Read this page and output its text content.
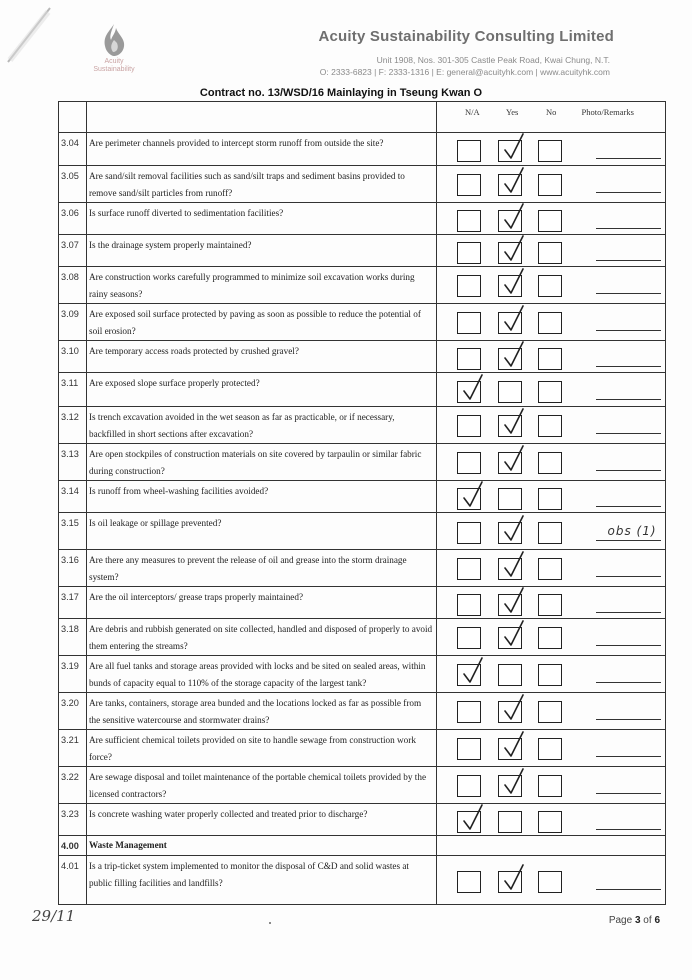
Acuity
Sustainability
Acuity Sustainability Consulting Limited
Unit 1908, Nos. 301-305 Castle Peak Road, Kwai Chung, N.T.
O: 2333-6823 | F: 2333-1316 | E: general@acuityhk.com | www.acuityhk.com
Contract no. 13/WSD/16 Mainlaying in Tseung Kwan O

		N/A Yes No	Photo/Remarks

3.04	Are perimeter channels provided to intercept storm runoff from outside the site?	

3.05	Are sand/silt removal facilities such as sand/silt traps and sediment basins provided to remove sand/silt particles from runoff?	

3.06	Is surface runoff diverted to sedimentation facilities?	

3.07	Is the drainage system properly maintained?	

3.08	Are construction works carefully programmed to minimize soil excavation works during rainy seasons?	

3.09	Are exposed soil surface protected by paving as soon as possible to reduce the potential of soil erosion?	

3.10	Are temporary access roads protected by crushed gravel?	

3.11	Are exposed slope surface properly protected?	

3.12	Is trench excavation avoided in the wet season as far as practicable, or if necessary, backfilled in short sections after excavation?	

3.13	Are open stockpiles of construction materials on site covered by tarpaulin or similar fabric during construction?	

3.14	Is runoff from wheel-washing facilities avoided?	

3.15	Is oil leakage or spillage prevented?		obs (1)

3.16	Are there any measures to prevent the release of oil and grease into the storm drainage system?	

3.17	Are the oil interceptors/ grease traps properly maintained?	

3.18	Are debris and rubbish generated on site collected, handled and disposed of properly to avoid them entering the streams?	

3.19	Are all fuel tanks and storage areas provided with locks and be sited on sealed areas, within bunds of capacity equal to 110% of the storage capacity of the largest tank?	

3.20	Are tanks, containers, storage area bunded and the locations locked as far as possible from the sensitive watercourse and stormwater drains?	

3.21	Are sufficient chemical toilets provided on site to handle sewage from construction work force?	

3.22	Are sewage disposal and toilet maintenance of the portable chemical toilets provided by the licensed contractors?	

3.23	Is concrete washing water properly collected and treated prior to discharge?	

4.00	Waste Management		
4.01	Is a trip-ticket system implemented to monitor the disposal of C&D and solid wastes at public filling facilities and landfills?	

29/11	Page 3 of 6
